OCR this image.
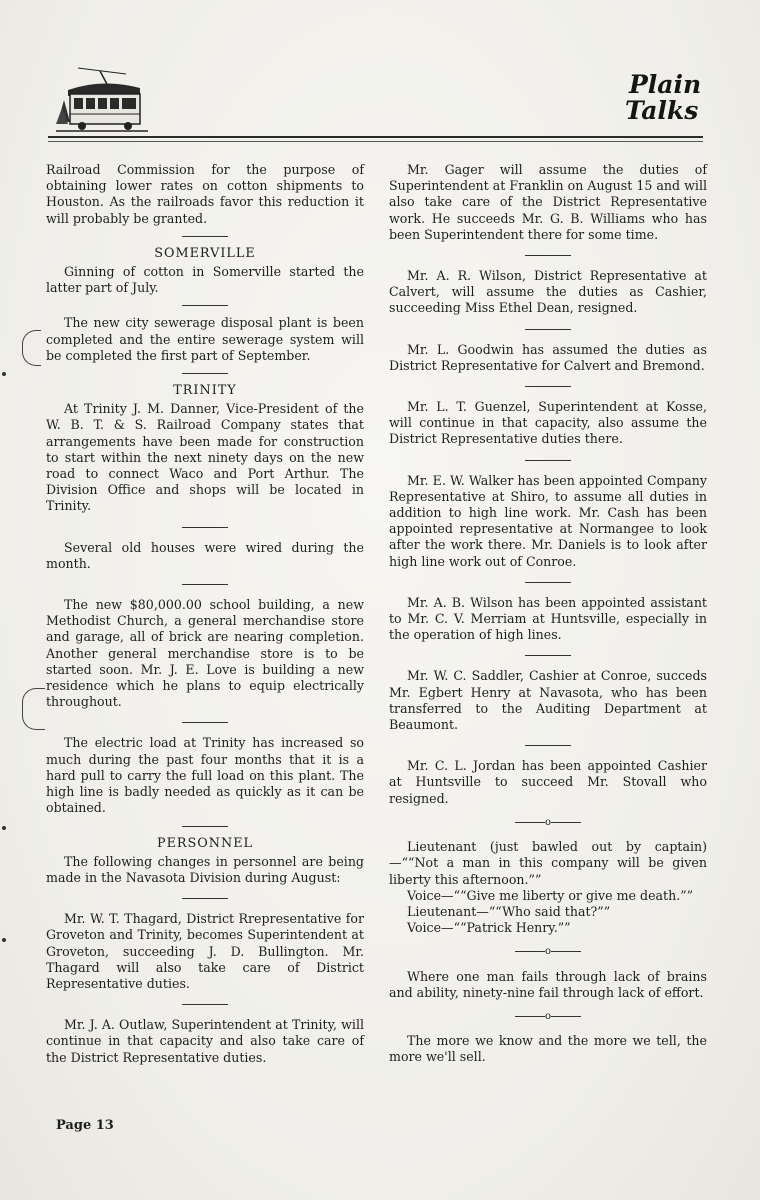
Plain
Talks

Railroad Commission for the purpose of obtaining lower rates on cotton shipments to Houston. As the railroads favor this reduction it will probably be granted.

SOMERVILLE

Ginning of cotton in Somerville started the latter part of July.

The new city sewerage disposal plant is been completed and the entire sewerage system will be completed the first part of September.

TRINITY

At Trinity J. M. Danner, Vice-President of the W. B. T. & S. Railroad Company states that arrangements have been made for construction to start within the next ninety days on the new road to connect Waco and Port Arthur. The Division Office and shops will be located in Trinity.

Several old houses were wired during the month.

The new $80,000.00 school building, a new Methodist Church, a general merchandise store and garage, all of brick are nearing completion. Another general merchandise store is to be started soon. Mr. J. E. Love is building a new residence which he plans to equip electrically throughout.

The electric load at Trinity has increased so much during the past four months that it is a hard pull to carry the full load on this plant. The high line is badly needed as quickly as it can be obtained.

PERSONNEL

The following changes in personnel are being made in the Navasota Division during August:

Mr. W. T. Thagard, District Rrepresentative for Groveton and Trinity, becomes Superintendent at Groveton, succeeding J. D. Bullington. Mr. Thagard will also take care of District Representative duties.

Mr. J. A. Outlaw, Superintendent at Trinity, will continue in that capacity and also take care of the District Representative duties.

Mr. Gager will assume the duties of Superintendent at Franklin on August 15 and will also take care of the District Representative work. He succeeds Mr. G. B. Williams who has been Superintendent there for some time.

Mr. A. R. Wilson, District Representative at Calvert, will assume the duties as Cashier, succeeding Miss Ethel Dean, resigned.

Mr. L. Goodwin has assumed the duties as District Representative for Calvert and Bremond.

Mr. L. T. Guenzel, Superintendent at Kosse, will continue in that capacity, also assume the District Representative duties there.

Mr. E. W. Walker has been appointed Company Representative at Shiro, to assume all duties in addition to high line work. Mr. Cash has been appointed representative at Normangee to look after the work there. Mr. Daniels is to look after high line work out of Conroe.

Mr. A. B. Wilson has been appointed assistant to Mr. C. V. Merriam at Huntsville, especially in the operation of high lines.

Mr. W. C. Saddler, Cashier at Conroe, succeds Mr. Egbert Henry at Navasota, who has been transferred to the Auditing Department at Beaumont.

Mr. C. L. Jordan has been appointed Cashier at Huntsville to succeed Mr. Stovall who resigned.

o

Lieutenant (just bawled out by captain)—““Not a man in this company will be given liberty this afternoon.””

Voice—““Give me liberty or give me death.””

Lieutenant—““Who said that?””

Voice—““Patrick Henry.””

o

Where one man fails through lack of brains and ability, ninety-nine fail through lack of effort.

o

The more we know and the more we tell, the more we'll sell.

Page 13
